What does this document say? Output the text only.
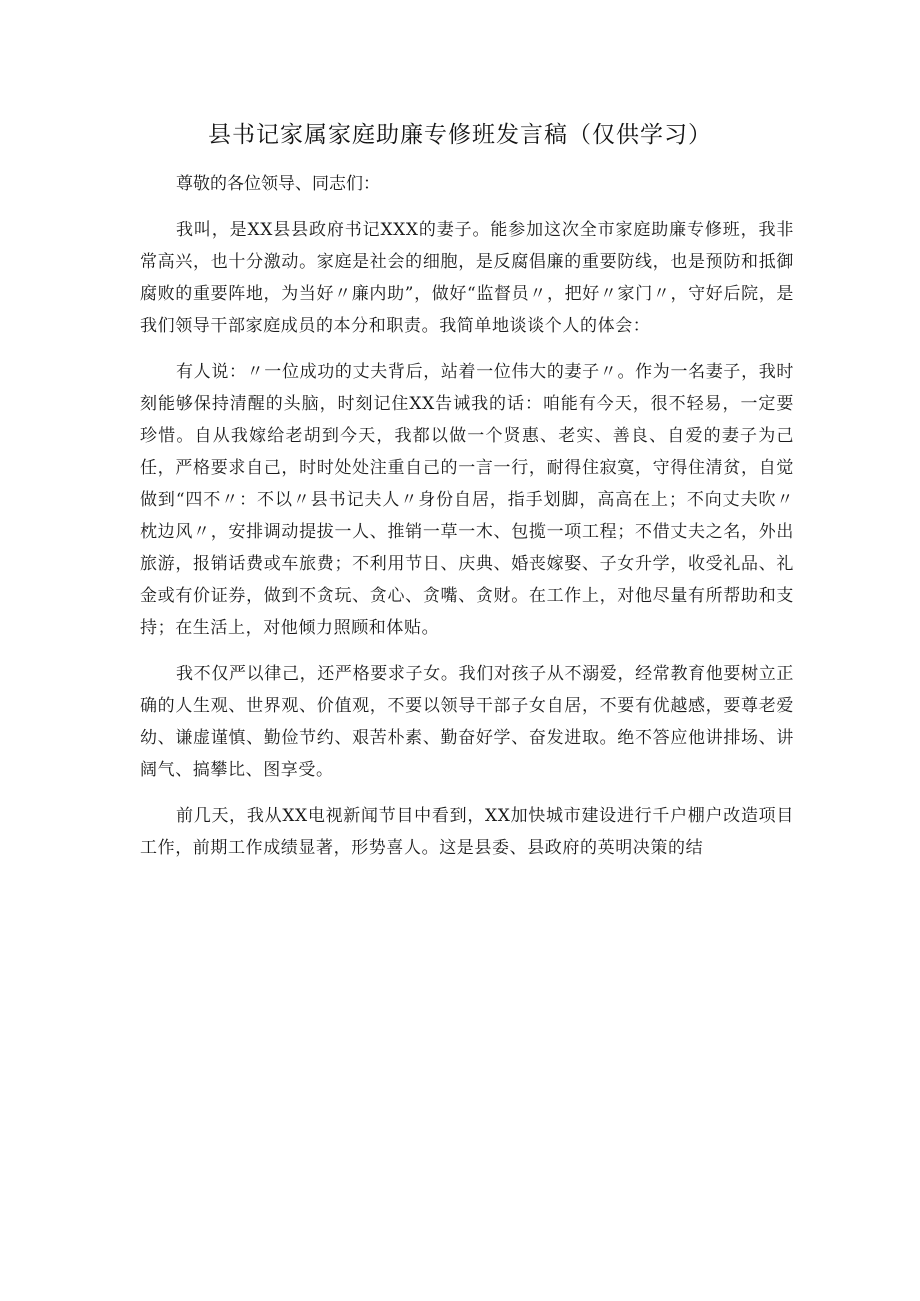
县书记家属家庭助廉专修班发言稿（仅供学习）

尊敬的各位领导、同志们：

我叫，是XX县县政府书记XXX的妻子。能参加这次全市家庭助廉专修班，我非常高兴，也十分激动。家庭是社会的细胞，是反腐倡廉的重要防线，也是预防和抵御腐败的重要阵地，为当好〃廉内助”，做好“监督员〃，把好〃家门〃，守好后院，是我们领导干部家庭成员的本分和职责。我简单地谈谈个人的体会：

有人说：〃一位成功的丈夫背后，站着一位伟大的妻子〃。作为一名妻子，我时刻能够保持清醒的头脑，时刻记住XX告诫我的话：咱能有今天，很不轻易，一定要珍惜。自从我嫁给老胡到今天，我都以做一个贤惠、老实、善良、自爱的妻子为己任，严格要求自己，时时处处注重自己的一言一行，耐得住寂寞，守得住清贫，自觉做到“四不〃：不以〃县书记夫人〃身份自居，指手划脚，高高在上；不向丈夫吹〃枕边风〃，安排调动提拔一人、推销一草一木、包揽一项工程；不借丈夫之名，外出旅游，报销话费或车旅费；不利用节日、庆典、婚丧嫁娶、子女升学，收受礼品、礼金或有价证券，做到不贪玩、贪心、贪嘴、贪财。在工作上，对他尽量有所帮助和支持；在生活上，对他倾力照顾和体贴。

我不仅严以律己，还严格要求子女。我们对孩子从不溺爱，经常教育他要树立正确的人生观、世界观、价值观，不要以领导干部子女自居，不要有优越感，要尊老爱幼、谦虚谨慎、勤俭节约、艰苦朴素、勤奋好学、奋发进取。绝不答应他讲排场、讲阔气、搞攀比、图享受。

前几天，我从XX电视新闻节目中看到，XX加快城市建设进行千户棚户改造项目工作，前期工作成绩显著，形势喜人。这是县委、县政府的英明决策的结
